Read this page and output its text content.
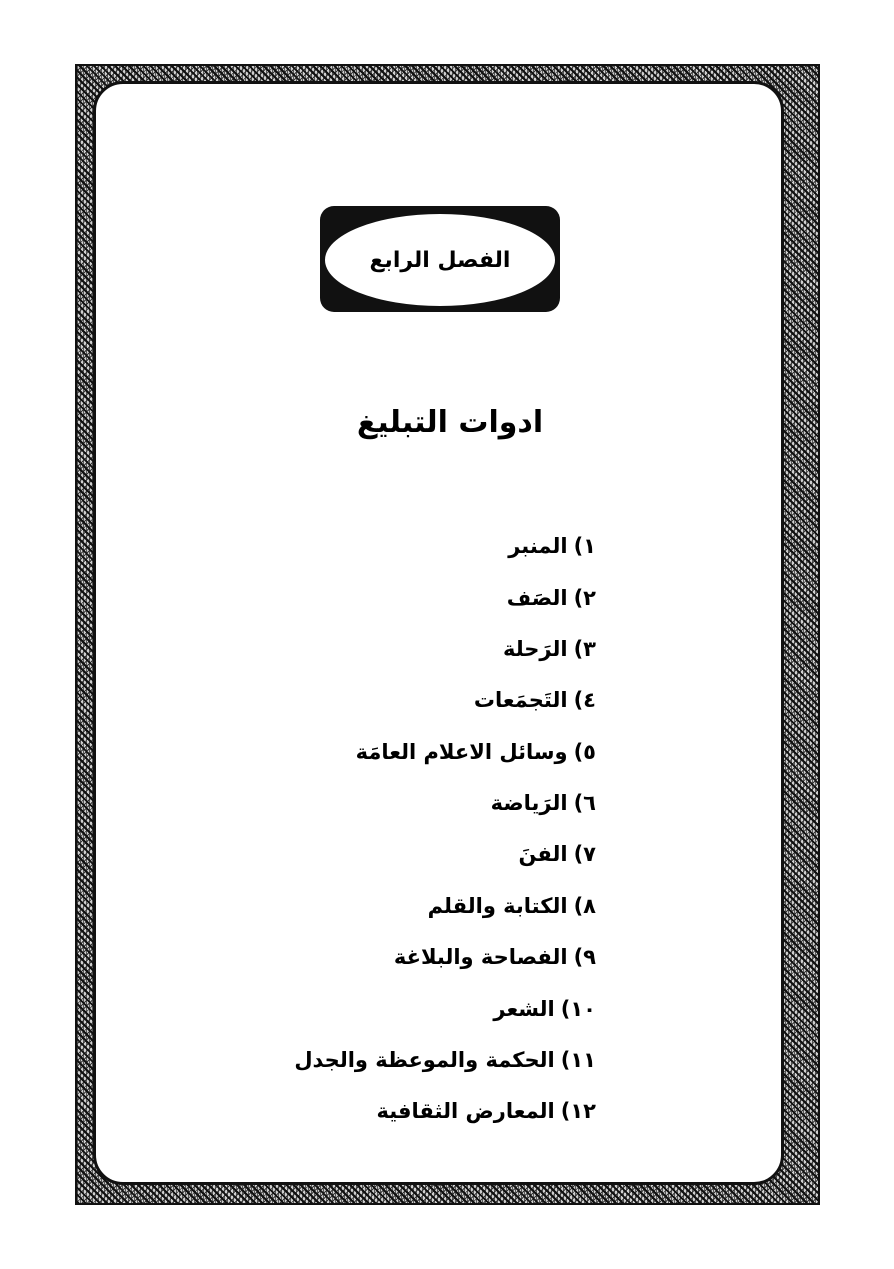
الفصل الرابع
ادوات التبليغ
١)المنبر
٢)الصَف
٣)الرَحلة
٤)التَجمَعات
٥)وسائل الاعلام العامَة
٦)الرَياضة
٧)الفنَ
٨)الكتابة والقلم
٩)الفصاحة والبلاغة
١٠)الشعر
١١)الحكمة والموعظة والجدل
١٢)المعارض الثقافية
